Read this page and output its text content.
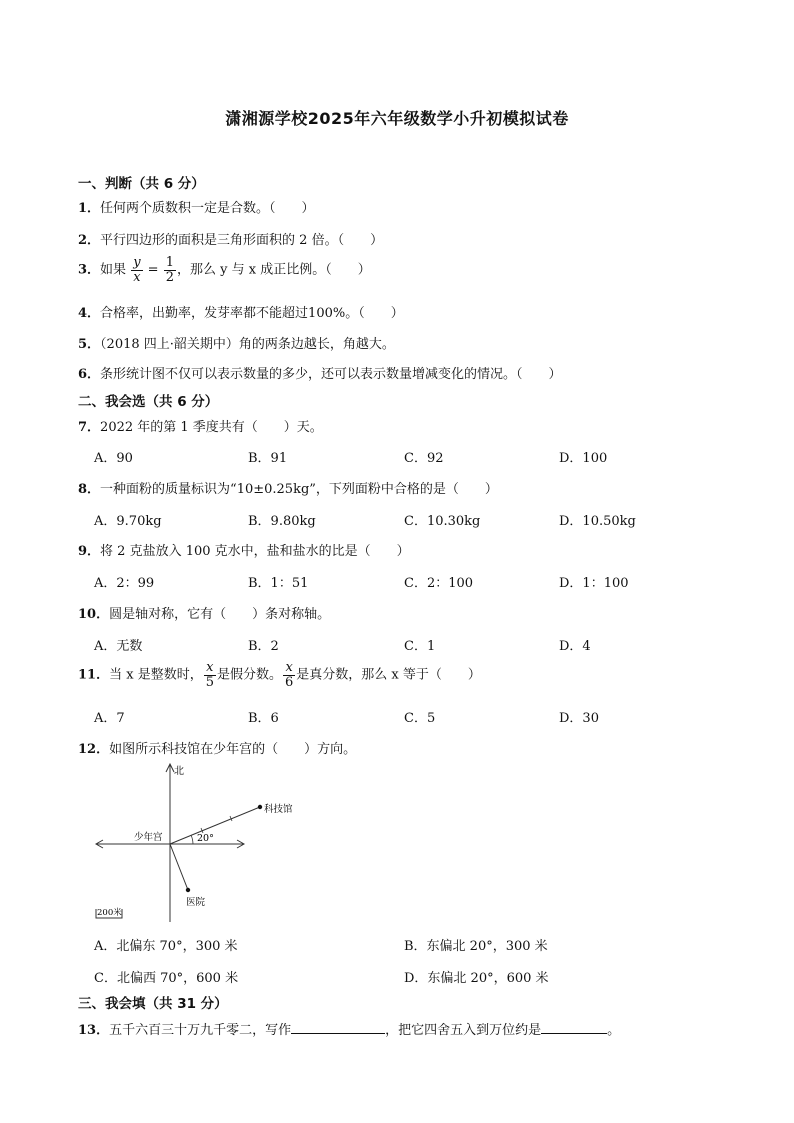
潇湘源学校2025年六年级数学小升初模拟试卷
一、判断（共 6 分）
1．任何两个质数积一定是合数。（　　）
2．平行四边形的面积是三角形面积的 2 倍。（　　）
3．如果 $\frac{y}{x} = \frac{1}{2}$ ，那么 y 与 x 成正比例。（　　）
4．合格率，出勤率，发芽率都不能超过100%。（　　）
5．（2018 四上·韶关期中）角的两条边越长，角越大。
6．条形统计图不仅可以表示数量的多少，还可以表示数量增减变化的情况。（　　）
二、我会选（共 6 分）
7．2022 年的第 1 季度共有（　　）天。
A．90	B．91	C．92	D．100
8．一种面粉的质量标识为“10±0.25kg”，下列面粉中合格的是（　　）
A．9.70kg	B．9.80kg	C．10.30kg	D．10.50kg
9．将 2 克盐放入 100 克水中，盐和盐水的比是（　　）
A．2：99	B．1：51	C．2：100	D．1：100
10．圆是轴对称，它有（　　）条对称轴。
A．无数	B．2	C．1	D．4
11．当 x 是整数时， $\frac{x}{5}$ 是假分数。 $\frac{x}{6}$ 是真分数，那么 x 等于（　　）
A．7	B．6	C．5	D．30
12．如图所示科技馆在少年宫的（　　）方向。
北
少年宫
科技馆
医院
20°
200米
A．北偏东 70°，300 米	B．东偏北 20°，300 米
C．北偏西 70°，600 米	D．东偏北 20°，600 米
三、我会填（共 31 分）
13．五千六百三十万九千零二，写作	，把它四舍五入到万位约是	。
